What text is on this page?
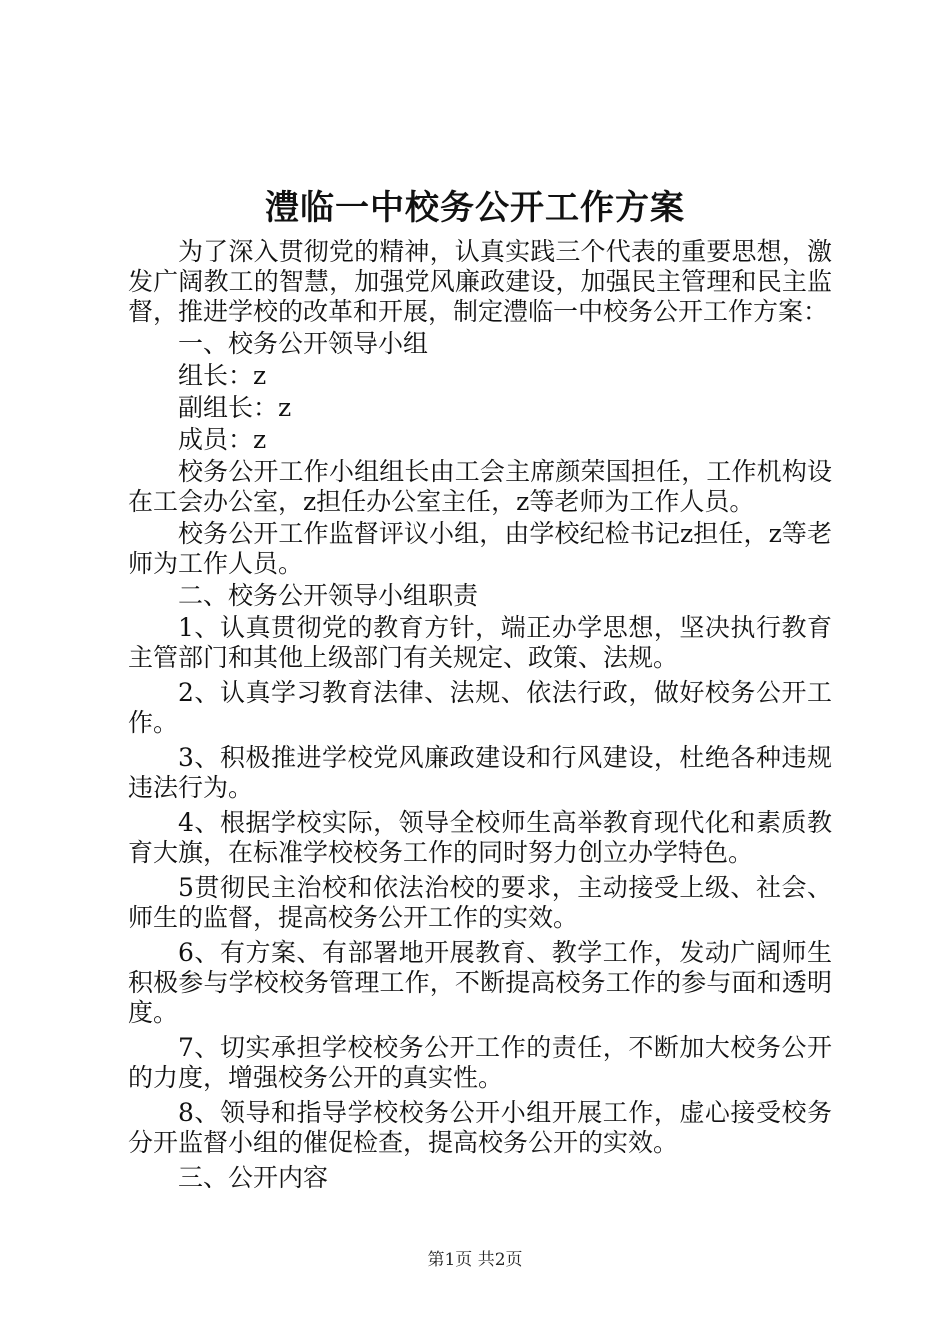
澧临一中校务公开工作方案

为了深入贯彻党的精神，认真实践三个代表的重要思想，激发广阔教工的智慧，加强党风廉政建设，加强民主管理和民主监督，推进学校的改革和开展，制定澧临一中校务公开工作方案：

一、校务公开领导小组

组长：z

副组长：z

成员：z

校务公开工作小组组长由工会主席颜荣国担任，工作机构设在工会办公室，z担任办公室主任，z等老师为工作人员。

校务公开工作监督评议小组，由学校纪检书记z担任，z等老师为工作人员。

二、校务公开领导小组职责

1、认真贯彻党的教育方针，端正办学思想，坚决执行教育主管部门和其他上级部门有关规定、政策、法规。

2、认真学习教育法律、法规、依法行政，做好校务公开工作。

3、积极推进学校党风廉政建设和行风建设，杜绝各种违规违法行为。

4、根据学校实际，领导全校师生高举教育现代化和素质教育大旗，在标准学校校务工作的同时努力创立办学特色。

5贯彻民主治校和依法治校的要求，主动接受上级、社会、师生的监督，提高校务公开工作的实效。

6、有方案、有部署地开展教育、教学工作，发动广阔师生积极参与学校校务管理工作，不断提高校务工作的参与面和透明度。

7、切实承担学校校务公开工作的责任，不断加大校务公开的力度，增强校务公开的真实性。

8、领导和指导学校校务公开小组开展工作，虚心接受校务分开监督小组的催促检查，提高校务公开的实效。

三、公开内容

第1页 共2页
